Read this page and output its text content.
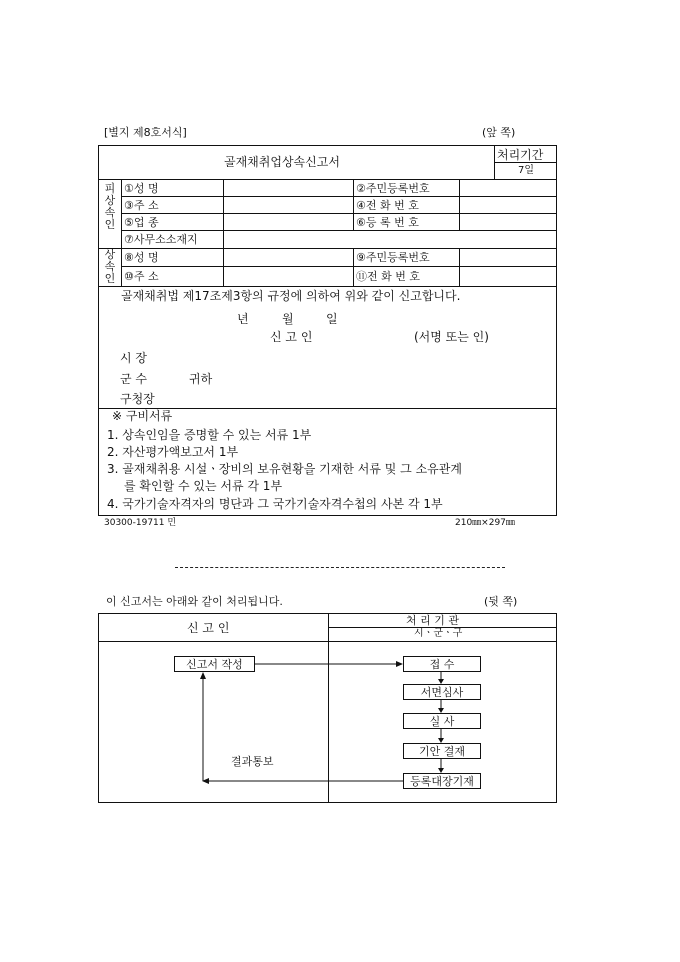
[별지 제8호서식]	(앞 쪽)
골재채취업상속신고서	처리기간
7일
피
상
속
인
①성 명	②주민등록번호
③주 소	④전 화 번 호
⑤업 종	⑥등 록 번 호
⑦사무소소재지
상
속
인
⑧성 명	⑨주민등록번호
⑩주 소	⑪전 화 번 호
골재채취법 제17조제3항의 규정에 의하여 위와 같이 신고합니다.
년	월	일
신 고 인	(서명 또는 인)
시 장
군 수	귀하
구청장
※ 구비서류
1. 상속인임을 증명할 수 있는 서류 1부
2. 자산평가액보고서 1부
3. 골재채취용 시설ㆍ장비의 보유현황을 기재한 서류 및 그 소유관계
를 확인할 수 있는 서류 각 1부
4. 국가기술자격자의 명단과 그 국가기술자격수첩의 사본 각 1부
30300-19711 민	210㎜×297㎜
이 신고서는 아래와 같이 처리됩니다.	(뒷 쪽)
신 고 인
처 리 기 관
시ㆍ군ㆍ구
신고서 작성	접 수
서면심사
실 사
기안 결재
등록대장기재
결과통보
